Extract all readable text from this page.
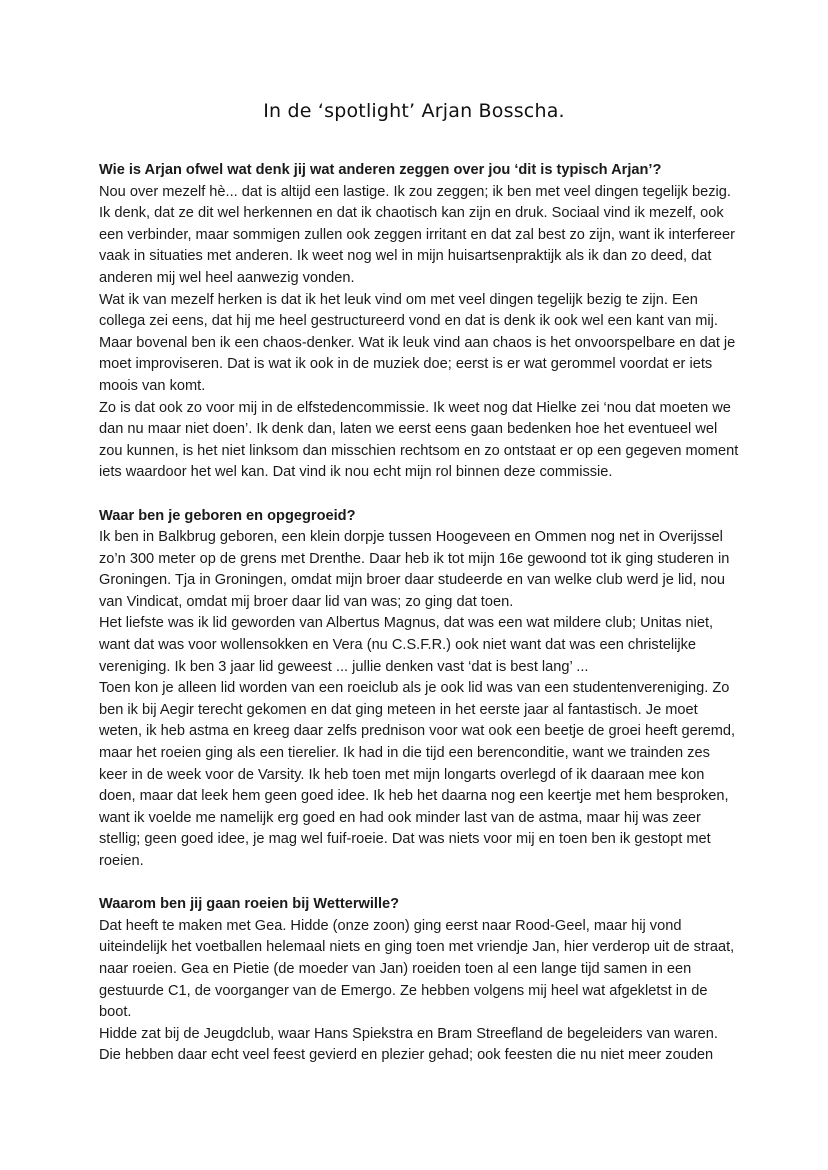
In de ‘spotlight’ Arjan Bosscha.

Wie is Arjan ofwel wat denk jij wat anderen zeggen over jou ‘dit is typisch Arjan’?

Nou over mezelf hè... dat is altijd een lastige. Ik zou zeggen; ik ben met veel dingen tegelijk bezig. Ik denk, dat ze dit wel herkennen en dat ik chaotisch kan zijn en druk. Sociaal vind ik mezelf, ook een verbinder, maar sommigen zullen ook zeggen irritant en dat zal best zo zijn, want ik interfereer vaak in situaties met anderen. Ik weet nog wel in mijn huisartsenpraktijk als ik dan zo deed, dat anderen mij wel heel aanwezig vonden.

Wat ik van mezelf herken is dat ik het leuk vind om met veel dingen tegelijk bezig te zijn. Een collega zei eens, dat hij me heel gestructureerd vond en dat is denk ik ook wel een kant van mij. Maar bovenal ben ik een chaos-denker. Wat ik leuk vind aan chaos is het onvoorspelbare en dat je moet improviseren. Dat is wat ik ook in de muziek doe; eerst is er wat gerommel voordat er iets moois van komt.

Zo is dat ook zo voor mij in de elfstedencommissie. Ik weet nog dat Hielke zei ‘nou dat moeten we dan nu maar niet doen’. Ik denk dan, laten we eerst eens gaan bedenken hoe het eventueel wel zou kunnen, is het niet linksom dan misschien rechtsom en zo ontstaat er op een gegeven moment iets waardoor het wel kan. Dat vind ik nou echt mijn rol binnen deze commissie.

Waar ben je geboren en opgegroeid?

Ik ben in Balkbrug geboren, een klein dorpje tussen Hoogeveen en Ommen nog net in Overijssel zo’n 300 meter op de grens met Drenthe. Daar heb ik tot mijn 16e gewoond tot ik ging studeren in Groningen. Tja in Groningen, omdat mijn broer daar studeerde en van welke club werd je lid, nou van Vindicat, omdat mij broer daar lid van was; zo ging dat toen.

Het liefste was ik lid geworden van Albertus Magnus, dat was een wat mildere club; Unitas niet, want dat was voor wollensokken en Vera (nu C.S.F.R.) ook niet want dat was een christelijke vereniging. Ik ben 3 jaar lid geweest ... jullie denken vast ‘dat is best lang’ ...

Toen kon je alleen lid worden van een roeiclub als je ook lid was van een studentenvereniging. Zo ben ik bij Aegir terecht gekomen en dat ging meteen in het eerste jaar al fantastisch. Je moet weten, ik heb astma en kreeg daar zelfs prednison voor wat ook een beetje de groei heeft geremd, maar het roeien ging als een tierelier. Ik had in die tijd een berenconditie, want we trainden zes keer in de week voor de Varsity. Ik heb toen met mijn longarts overlegd of ik daaraan mee kon doen, maar dat leek hem geen goed idee. Ik heb het daarna nog een keertje met hem besproken, want ik voelde me namelijk erg goed en had ook minder last van de astma, maar hij was zeer stellig; geen goed idee, je mag wel fuif-roeie. Dat was niets voor mij en toen ben ik gestopt met roeien.

Waarom ben jij gaan roeien bij Wetterwille?

Dat heeft te maken met Gea. Hidde (onze zoon) ging eerst naar Rood-Geel, maar hij vond uiteindelijk het voetballen helemaal niets en ging toen met vriendje Jan, hier verderop uit de straat, naar roeien. Gea en Pietie (de moeder van Jan) roeiden toen al een lange tijd samen in een gestuurde C1, de voorganger van de Emergo. Ze hebben volgens mij heel wat afgekletst in de boot.

Hidde zat bij de Jeugdclub, waar Hans Spiekstra en Bram Streefland de begeleiders van waren. Die hebben daar echt veel feest gevierd en plezier gehad; ook feesten die nu niet meer zouden
